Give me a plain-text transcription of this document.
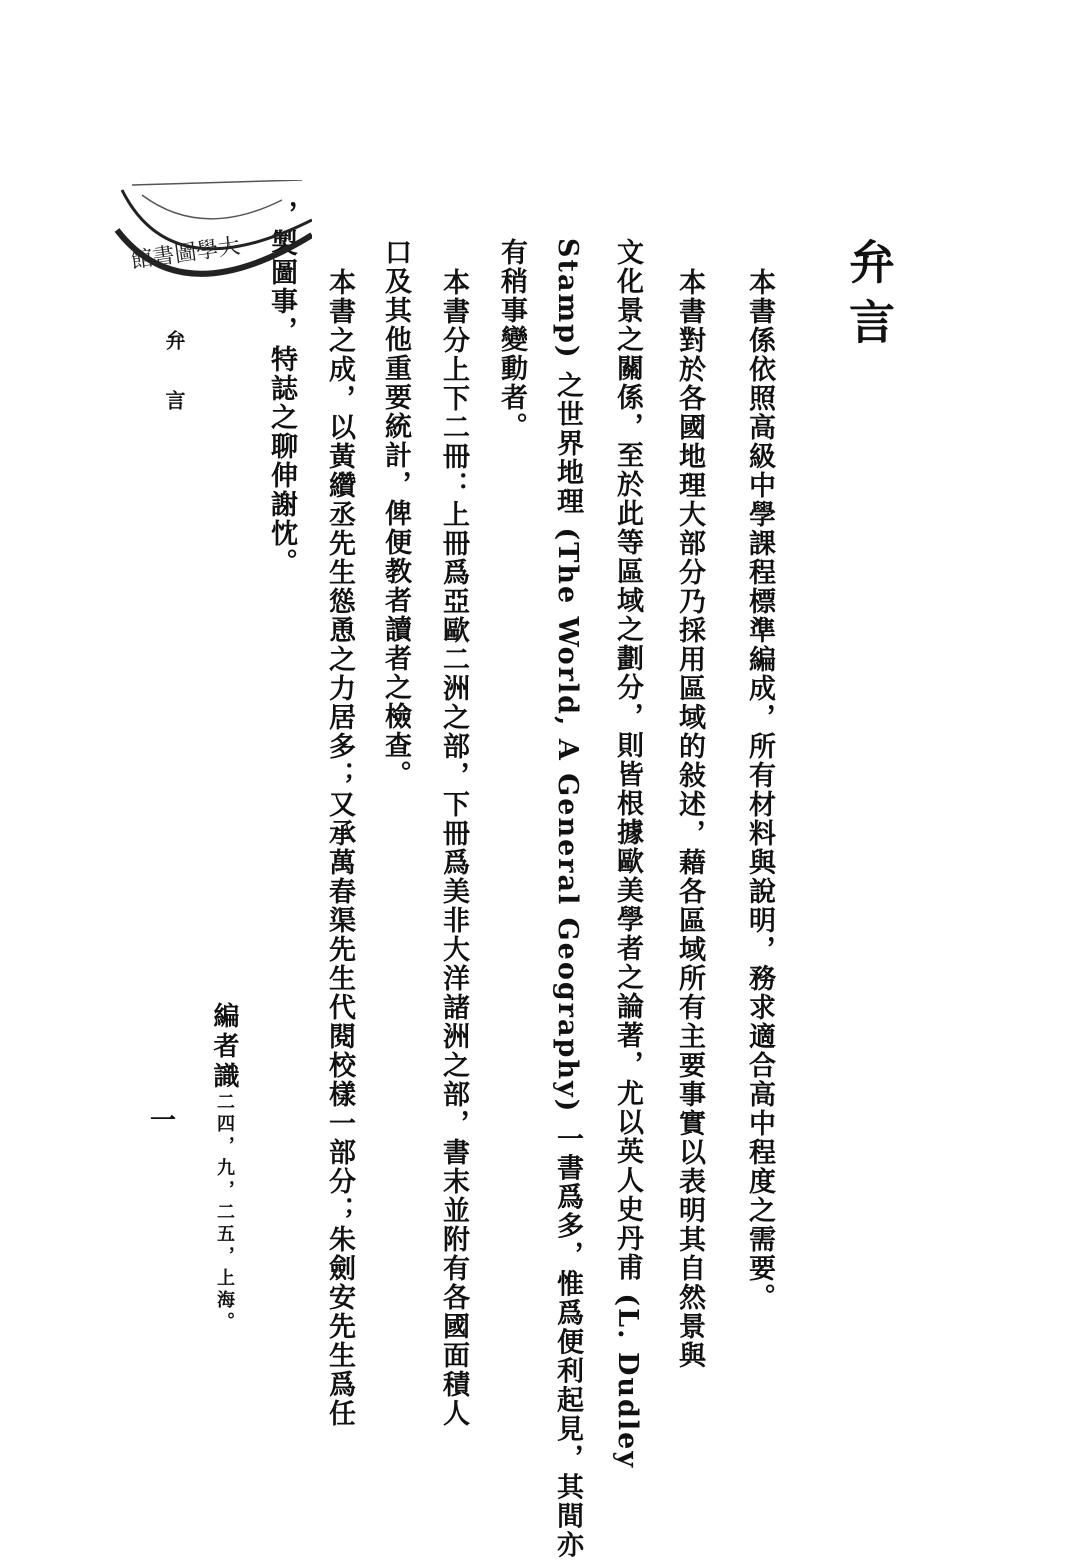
弁言
本書係依照高級中學課程標準編成，所有材料與說明，務求適合高中程度之需要。
本書對於各國地理大部分乃採用區域的敍述，藉各區域所有主要事實以表明其自然景與
文化景之關係，至於此等區域之劃分，則皆根據歐美學者之論著，尤以英人史丹甫 (L. Dudley
Stamp) 之世界地理 (The World, A General Geography) 一書爲多，惟爲便利起見，其間亦
有稍事變動者。
本書分上下二冊：上冊爲亞歐二洲之部，下冊爲美非大洋諸洲之部，書末並附有各國面積人
口及其他重要統計，俾便教者讀者之檢查。
本書之成，以黃纘丞先生慫恿之力居多；又承萬春渠先生代閱校樣一部分；朱劍安先生爲任
，製圖事，特誌之聊伸謝忱。
編者識二四，九，二五，上海。
弁言
一
館書圖學大
